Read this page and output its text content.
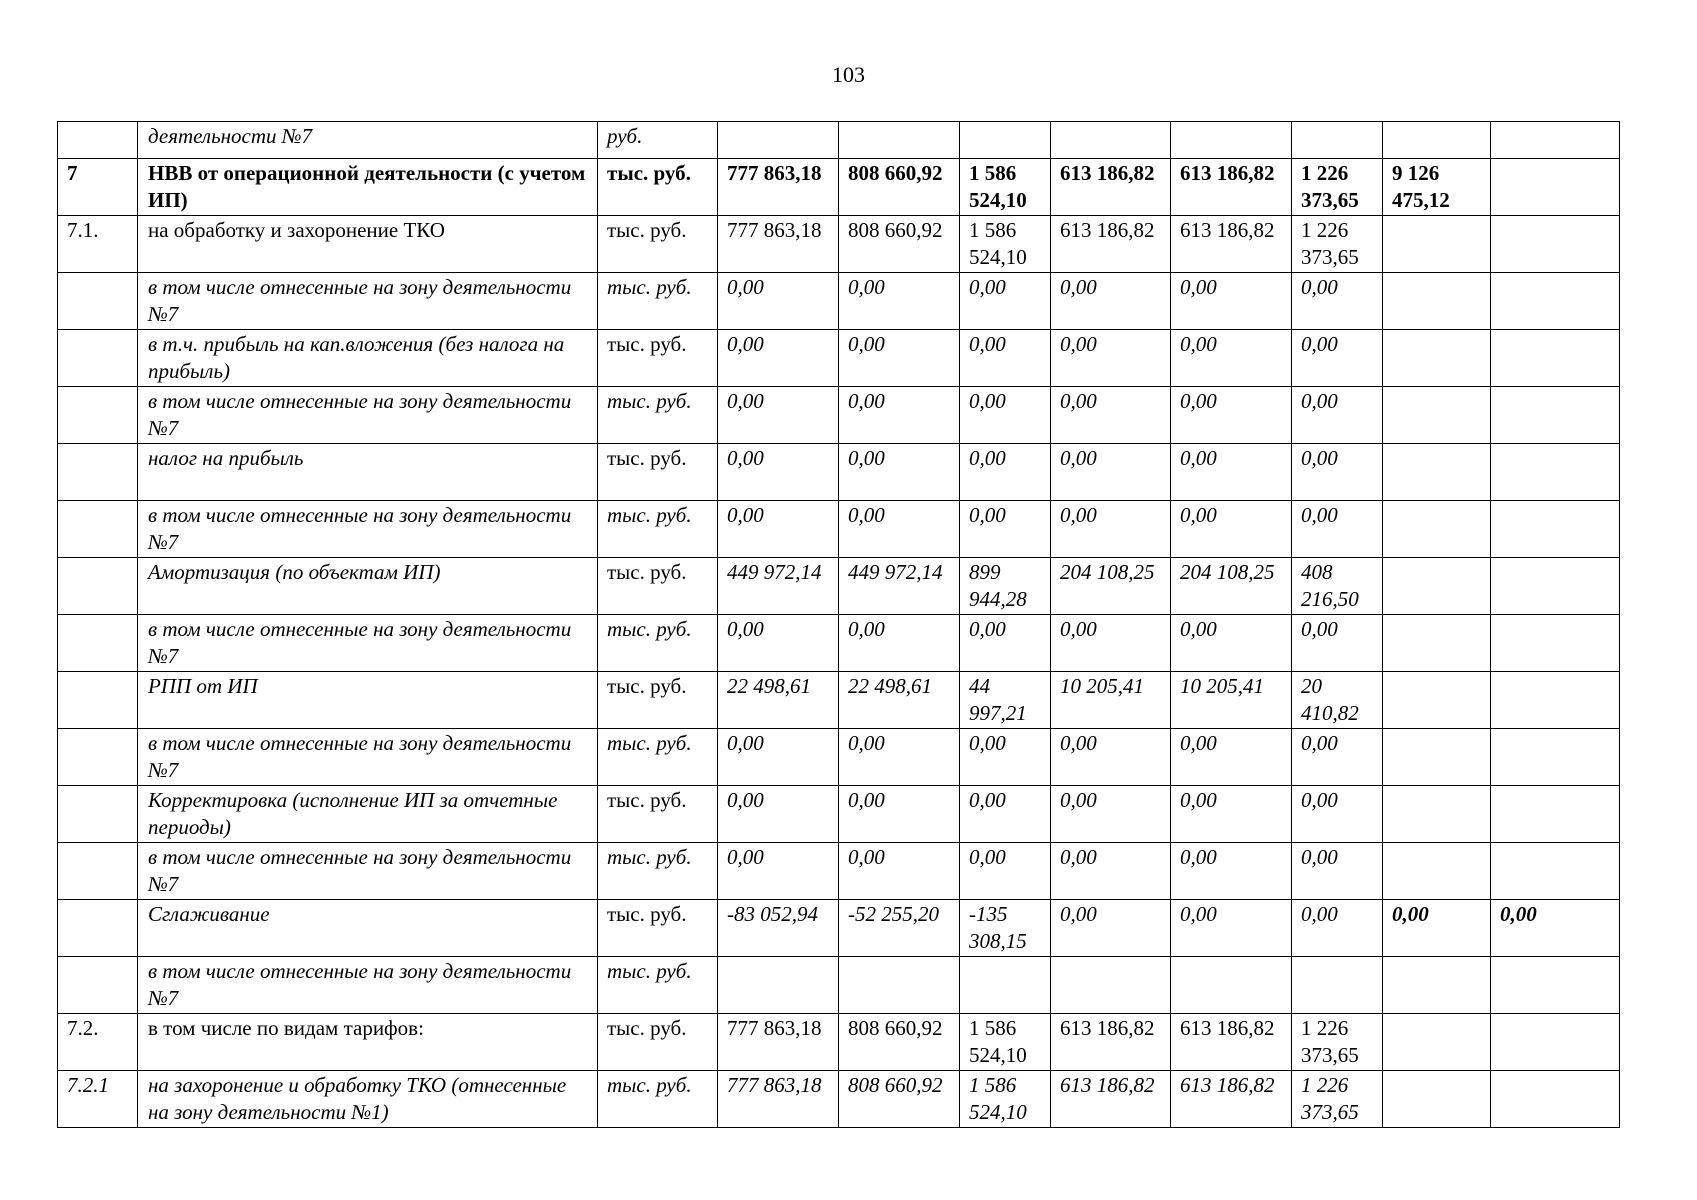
103
	деятельности №7	руб.								
7	НВВ от операционной деятельности (с учетом ИП)	тыс. руб.	777 863,18	808 660,92	1 586 524,10	613 186,82	613 186,82	1 226 373,65	9 126 475,12	
7.1.	на обработку и захоронение ТКО	тыс. руб.	777 863,18	808 660,92	1 586 524,10	613 186,82	613 186,82	1 226 373,65		
	в том числе отнесенные на зону деятельности №7	тыс. руб.	0,00	0,00	0,00	0,00	0,00	0,00		
	в т.ч. прибыль на кап.вложения (без налога на прибыль)	тыс. руб.	0,00	0,00	0,00	0,00	0,00	0,00		
	в том числе отнесенные на зону деятельности №7	тыс. руб.	0,00	0,00	0,00	0,00	0,00	0,00		
	налог на прибыль	тыс. руб.	0,00	0,00	0,00	0,00	0,00	0,00		
	в том числе отнесенные на зону деятельности №7	тыс. руб.	0,00	0,00	0,00	0,00	0,00	0,00		
	Амортизация (по объектам ИП)	тыс. руб.	449 972,14	449 972,14	899 944,28	204 108,25	204 108,25	408 216,50		
	в том числе отнесенные на зону деятельности №7	тыс. руб.	0,00	0,00	0,00	0,00	0,00	0,00		
	РПП от ИП	тыс. руб.	22 498,61	22 498,61	44 997,21	10 205,41	10 205,41	20 410,82		
	в том числе отнесенные на зону деятельности №7	тыс. руб.	0,00	0,00	0,00	0,00	0,00	0,00		
	Корректировка (исполнение ИП за отчетные периоды)	тыс. руб.	0,00	0,00	0,00	0,00	0,00	0,00		
	в том числе отнесенные на зону деятельности №7	тыс. руб.	0,00	0,00	0,00	0,00	0,00	0,00		
	Сглаживание	тыс. руб.	-83 052,94	-52 255,20	-135 308,15	0,00	0,00	0,00	0,00	0,00
	в том числе отнесенные на зону деятельности №7	тыс. руб.								
7.2.	в том числе по видам тарифов:	тыс. руб.	777 863,18	808 660,92	1 586 524,10	613 186,82	613 186,82	1 226 373,65		
7.2.1	на захоронение и обработку ТКО (отнесенные на зону деятельности №1)	тыс. руб.	777 863,18	808 660,92	1 586 524,10	613 186,82	613 186,82	1 226 373,65		
